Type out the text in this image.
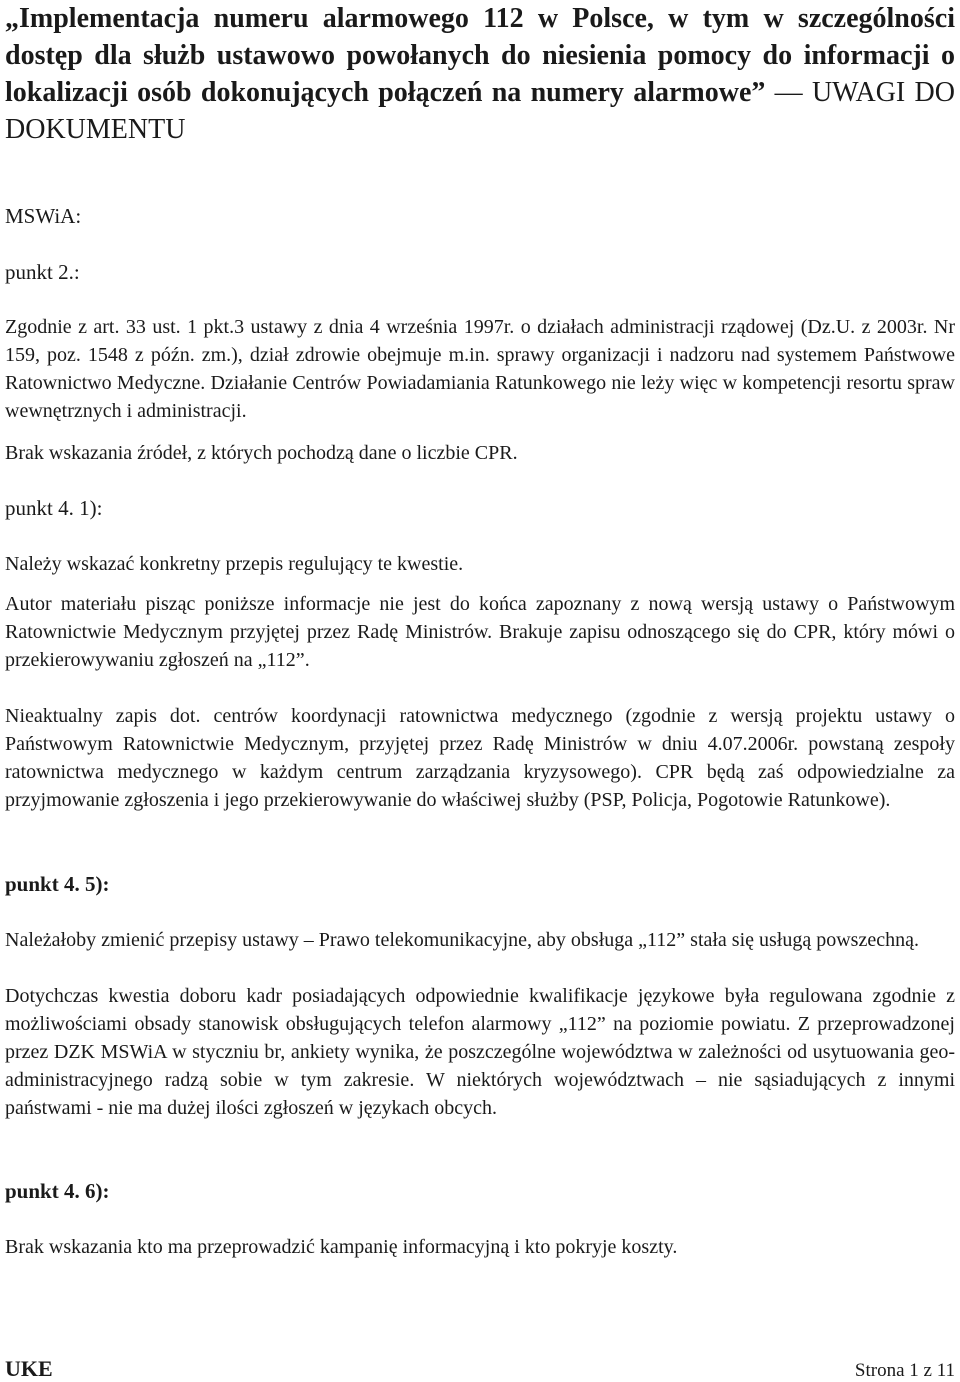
„Implementacja numeru alarmowego 112 w Polsce, w tym w szczególności dostęp dla służb ustawowo powołanych do niesienia pomocy do informacji o lokalizacji osób dokonujących połączeń na numery alarmowe” — UWAGI DO DOKUMENTU

MSWiA:

punkt 2.:

Zgodnie z art. 33 ust. 1 pkt.3 ustawy z dnia 4 września 1997r. o działach administracji rządowej (Dz.U. z 2003r. Nr 159, poz. 1548 z późn. zm.), dział zdrowie obejmuje m.in. sprawy organizacji i nadzoru nad systemem Państwowe Ratownictwo Medyczne. Działanie Centrów Powiadamiania Ratunkowego nie leży więc w kompetencji resortu spraw wewnętrznych i administracji.

Brak wskazania źródeł, z których pochodzą dane o liczbie CPR.

punkt 4. 1):

Należy wskazać konkretny przepis regulujący te kwestie.

Autor materiału pisząc poniższe informacje nie jest do końca zapoznany z nową wersją ustawy o Państwowym Ratownictwie Medycznym przyjętej przez Radę Ministrów. Brakuje zapisu odnoszącego się do CPR, który mówi o przekierowywaniu zgłoszeń na „112”.

Nieaktualny zapis dot. centrów koordynacji ratownictwa medycznego (zgodnie z wersją projektu ustawy o Państwowym Ratownictwie Medycznym, przyjętej przez Radę Ministrów w dniu 4.07.2006r. powstaną zespoły ratownictwa medycznego w każdym centrum zarządzania kryzysowego). CPR będą zaś odpowiedzialne za przyjmowanie zgłoszenia i jego przekierowywanie do właściwej służby (PSP, Policja, Pogotowie Ratunkowe).

punkt 4. 5):

Należałoby zmienić przepisy ustawy – Prawo telekomunikacyjne, aby obsługa „112” stała się usługą powszechną.

Dotychczas kwestia doboru kadr posiadających odpowiednie kwalifikacje językowe była regulowana zgodnie z możliwościami obsady stanowisk obsługujących telefon alarmowy „112” na poziomie powiatu. Z przeprowadzonej przez DZK MSWiA w styczniu br, ankiety wynika, że poszczególne województwa w zależności od usytuowania geo- administracyjnego radzą sobie w tym zakresie. W niektórych województwach – nie sąsiadujących z innymi państwami - nie ma dużej ilości zgłoszeń w językach obcych.

punkt 4. 6):

Brak wskazania kto ma przeprowadzić kampanię informacyjną i kto pokryje koszty.

UKE	Strona 1 z 11
